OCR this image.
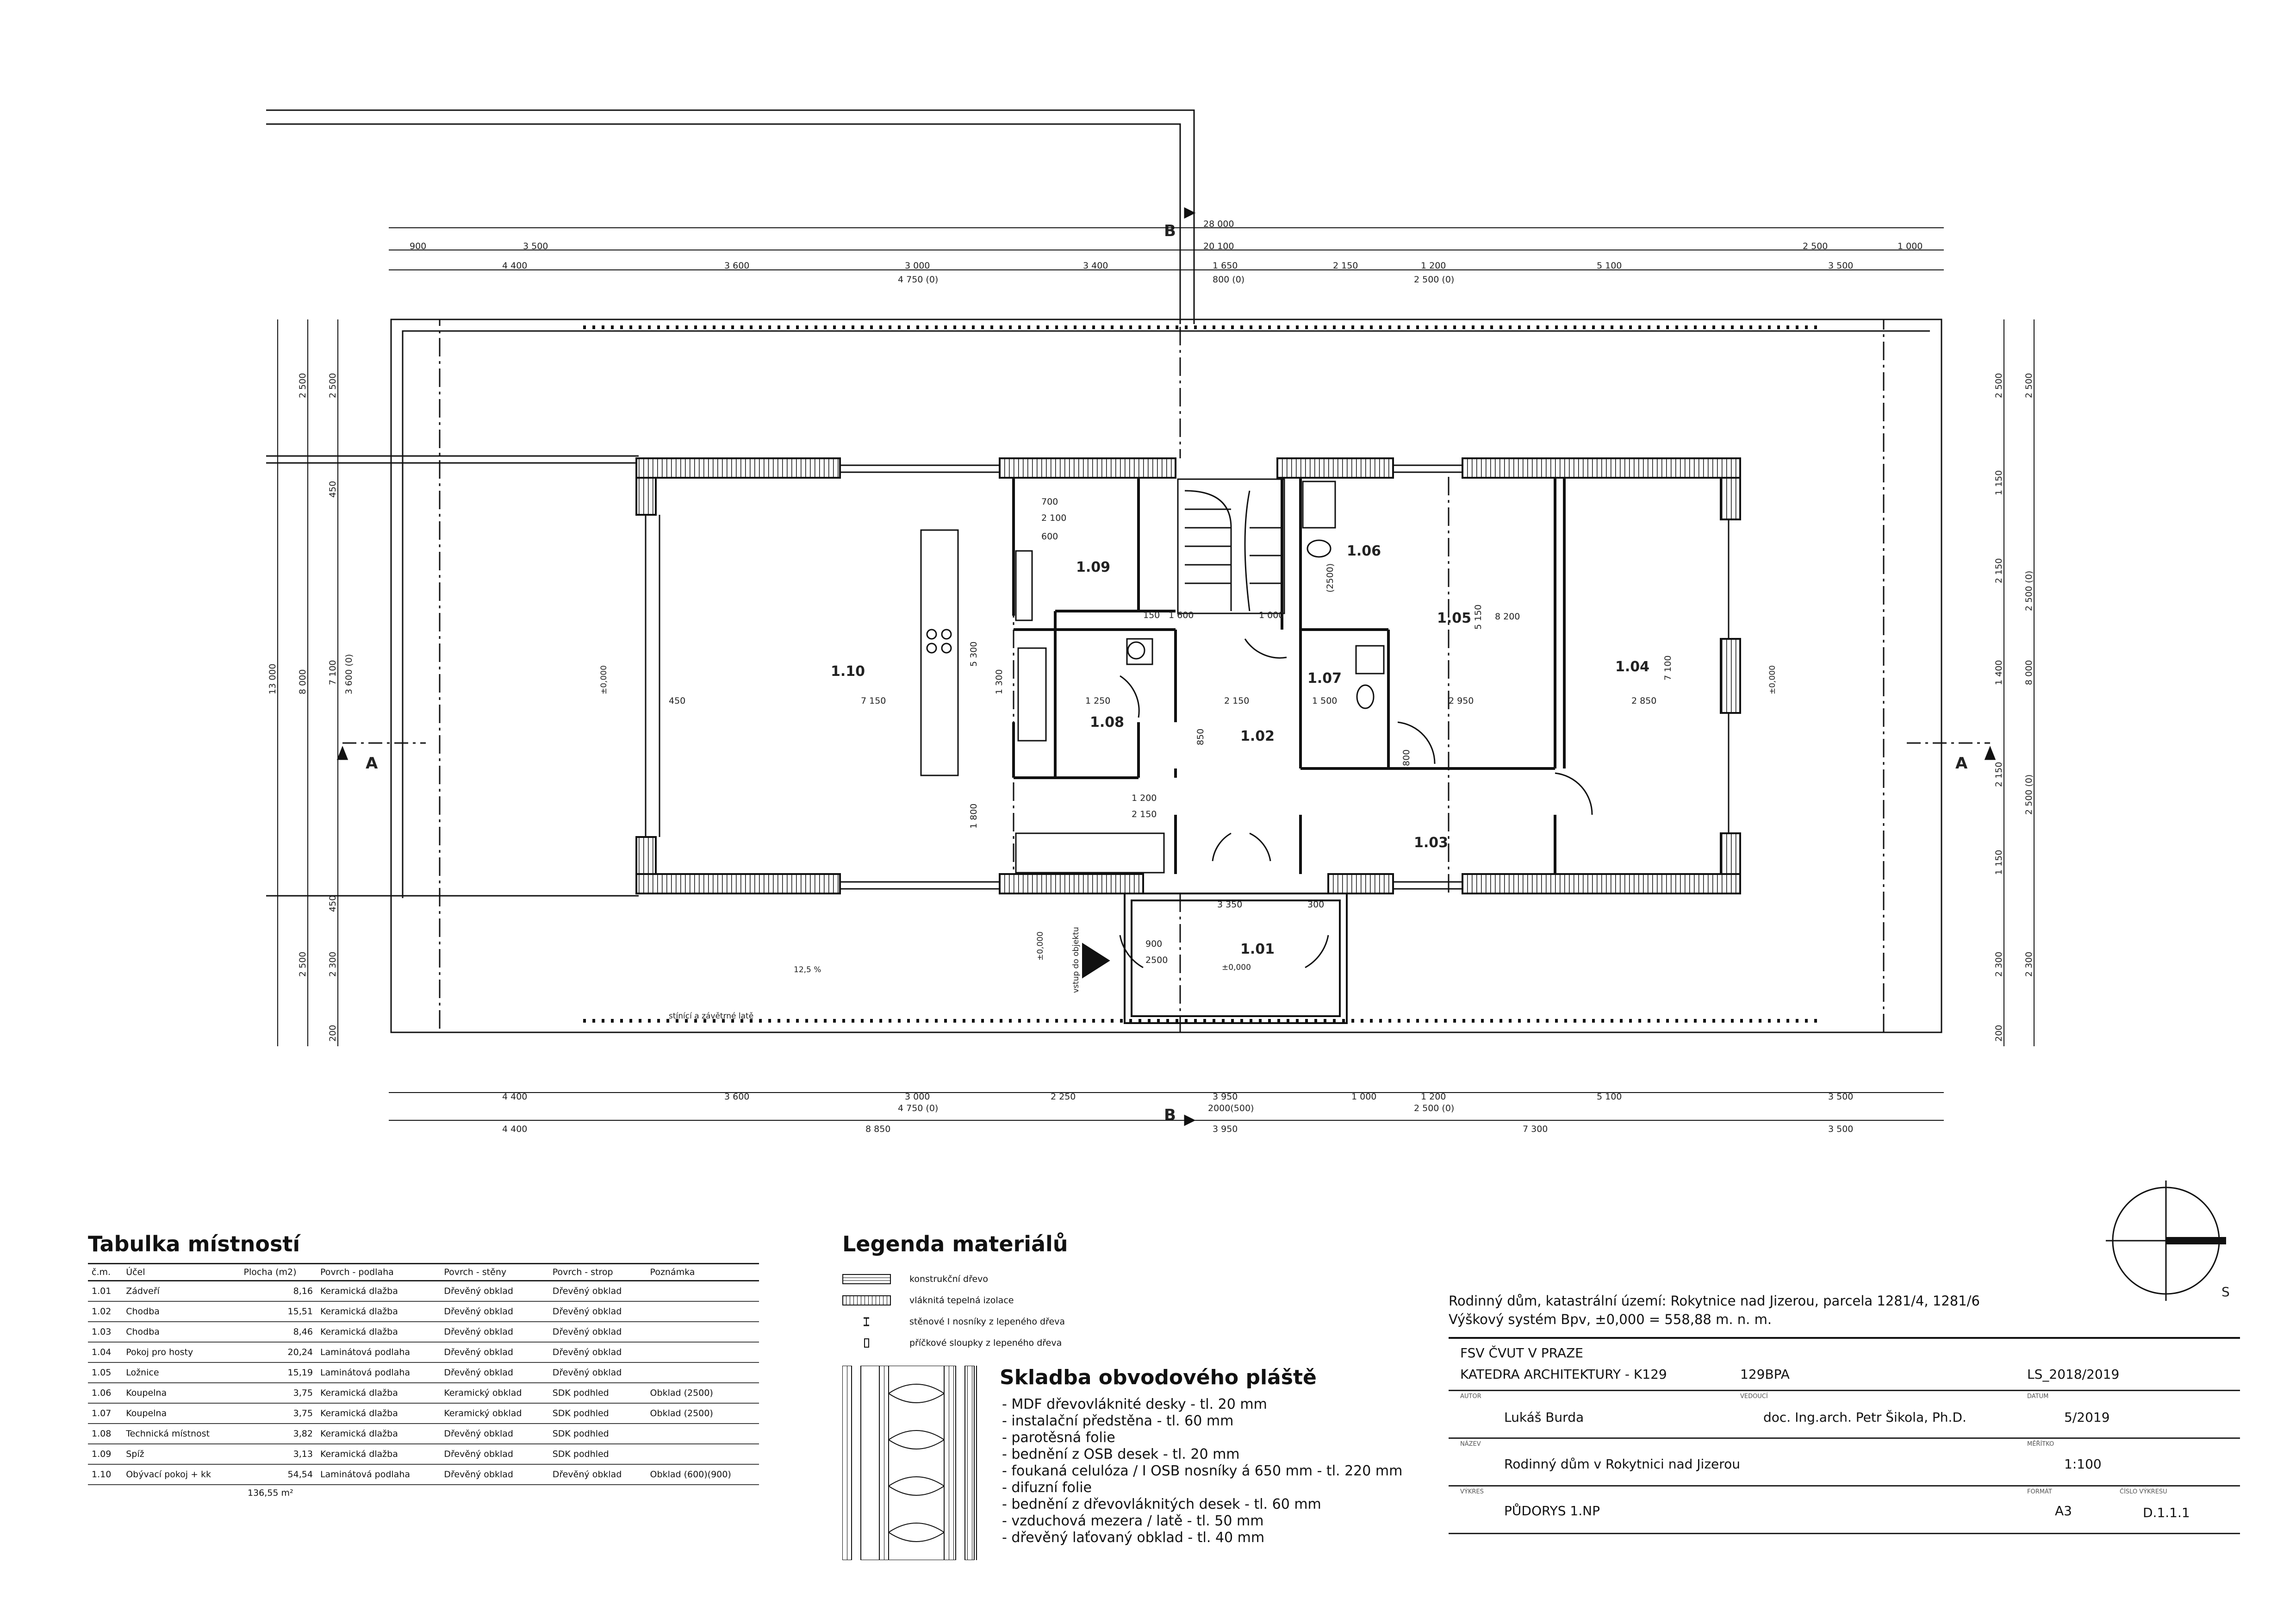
1.01
1.02
1.03
1.04
1.05
1.06
1.07
1.08
1.09
1.10
±0,000	±0,000
±0,000
±0,000
vstup do objektu
12,5 %
stínící a závětrné latě
A	A
B
B
900	3 500
28 000
2 500	1 000
20 100
4 400	3 600	3 000	3 400	1 650	2 150	1 200	5 100	3 500
4 750 (0)	800 (0)	2 500 (0)
4 400	3 600	3 000	2 250	3 950	1 000	1 200	5 100	3 500
4 750 (0)	2000(500)	2 500 (0)
4 400	8 850	3 950	7 300	3 500
13 000
2 500
8 000
2 500
2 500
450
7 100
450
2 300
200
3 600 (0)	8 000
2 500
2 500 (0)
2 500 (0)
2 300
2 500
1 150
2 150
1 400
2 150
1 150
2 300
200
7 150
450
5 300
1 300
1 800
1 250	2 150	1 500	2 950	2 850
8 200
7 100
5 150
150	1 000
600
800
700
2 100
900
2500
3 350	300
1 200
2 150
(2500)
850
1 600
Tabulka místností
č.m.	Účel	Plocha (m2)	Povrch - podlaha	Povrch - stěny	Povrch - strop	Poznámka
1.01	Zádveří	8,16	Keramická dlažba	Dřevěný obklad	Dřevěný obklad	
1.02	Chodba	15,51	Keramická dlažba	Dřevěný obklad	Dřevěný obklad	
1.03	Chodba	8,46	Keramická dlažba	Dřevěný obklad	Dřevěný obklad	
1.04	Pokoj pro hosty	20,24	Laminátová podlaha	Dřevěný obklad	Dřevěný obklad	
1.05	Ložnice	15,19	Laminátová podlaha	Dřevěný obklad	Dřevěný obklad	
1.06	Koupelna	3,75	Keramická dlažba	Keramický obklad	SDK podhled	Obklad (2500)
1.07	Koupelna	3,75	Keramická dlažba	Keramický obklad	SDK podhled	Obklad (2500)
1.08	Technická místnost	3,82	Keramická dlažba	Dřevěný obklad	SDK podhled	
1.09	Spíž	3,13	Keramická dlažba	Dřevěný obklad	SDK podhled	
1.10	Obývací pokoj + kk	54,54	Laminátová podlaha	Dřevěný obklad	Dřevěný obklad	Obklad (600)(900)
136,55 m²
Legenda materiálů
konstrukční dřevo
vláknitá tepelná izolace
stěnové I nosníky z lepeného dřeva
příčkové sloupky z lepeného dřeva
Skladba obvodového pláště
- MDF dřevovláknité desky - tl. 20 mm
- instalační předstěna - tl. 60 mm
- parotěsná folie
- bednění z OSB desek - tl. 20 mm
- foukaná celulóza / I OSB nosníky á 650 mm - tl. 220 mm
- difuzní folie
- bednění z dřevovláknitých desek - tl. 60 mm
- vzduchová mezera / latě - tl. 50 mm
- dřevěný laťovaný obklad - tl. 40 mm
S
Rodinný dům, katastrální území: Rokytnice nad Jizerou, parcela 1281/4, 1281/6
Výškový systém Bpv, ±0,000 = 558,88 m. n. m.
FSV ČVUT V PRAZE
KATEDRA ARCHITEKTURY - K129	129BPA	LS_2018/2019
AUTOR
Lukáš Burda
VEDOUCÍ
doc. Ing.arch. Petr Šikola, Ph.D.
DATUM
5/2019
NÁZEV
Rodinný dům v Rokytnici nad Jizerou
MĚŘÍTKO
1:100
VÝKRES
PŮDORYS 1.NP
FORMÁT
A3
ČÍSLO VÝKRESU
D.1.1.1
